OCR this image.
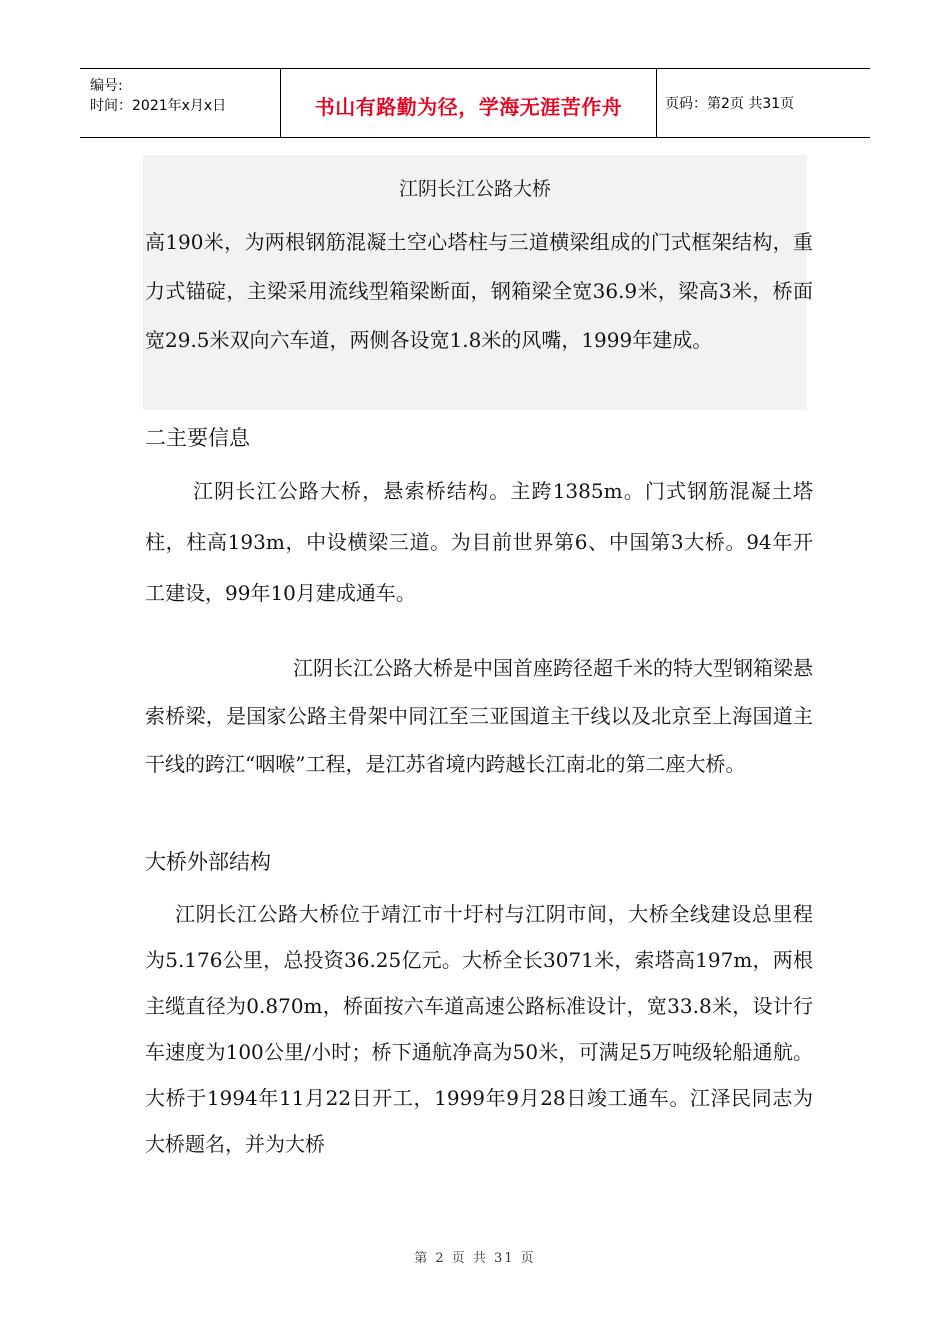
编号:
时间：2021年x月x日	书山有路勤为径，学海无涯苦作舟	页码：第2页 共31页
江阴长江公路大桥

高190米，为两根钢筋混凝土空心塔柱与三道横梁组成的门式框架结构，重力式锚碇，主梁采用流线型箱梁断面，钢箱梁全宽36.9米，梁高3米，桥面宽29.5米双向六车道，两侧各设宽1.8米的风嘴，1999年建成。

二主要信息

江阴长江公路大桥，悬索桥结构。主跨1385m。门式钢筋混凝土塔柱，柱高193m，中设横梁三道。为目前世界第6、中国第3大桥。94年开工建设，99年10月建成通车。

江阴长江公路大桥是中国首座跨径超千米的特大型钢箱梁悬索桥梁，是国家公路主骨架中同江至三亚国道主干线以及北京至上海国道主干线的跨江“咽喉”工程，是江苏省境内跨越长江南北的第二座大桥。

大桥外部结构

江阴长江公路大桥位于靖江市十圩村与江阴市间，大桥全线建设总里程为5.176公里，总投资36.25亿元。大桥全长3071米，索塔高197m，两根主缆直径为0.870m，桥面按六车道高速公路标准设计，宽33.8米，设计行车速度为100公里/小时；桥下通航净高为50米，可满足5万吨级轮船通航。大桥于1994年11月22日开工，1999年9月28日竣工通车。江泽民同志为大桥题名，并为大桥

第 2 页 共 31 页
